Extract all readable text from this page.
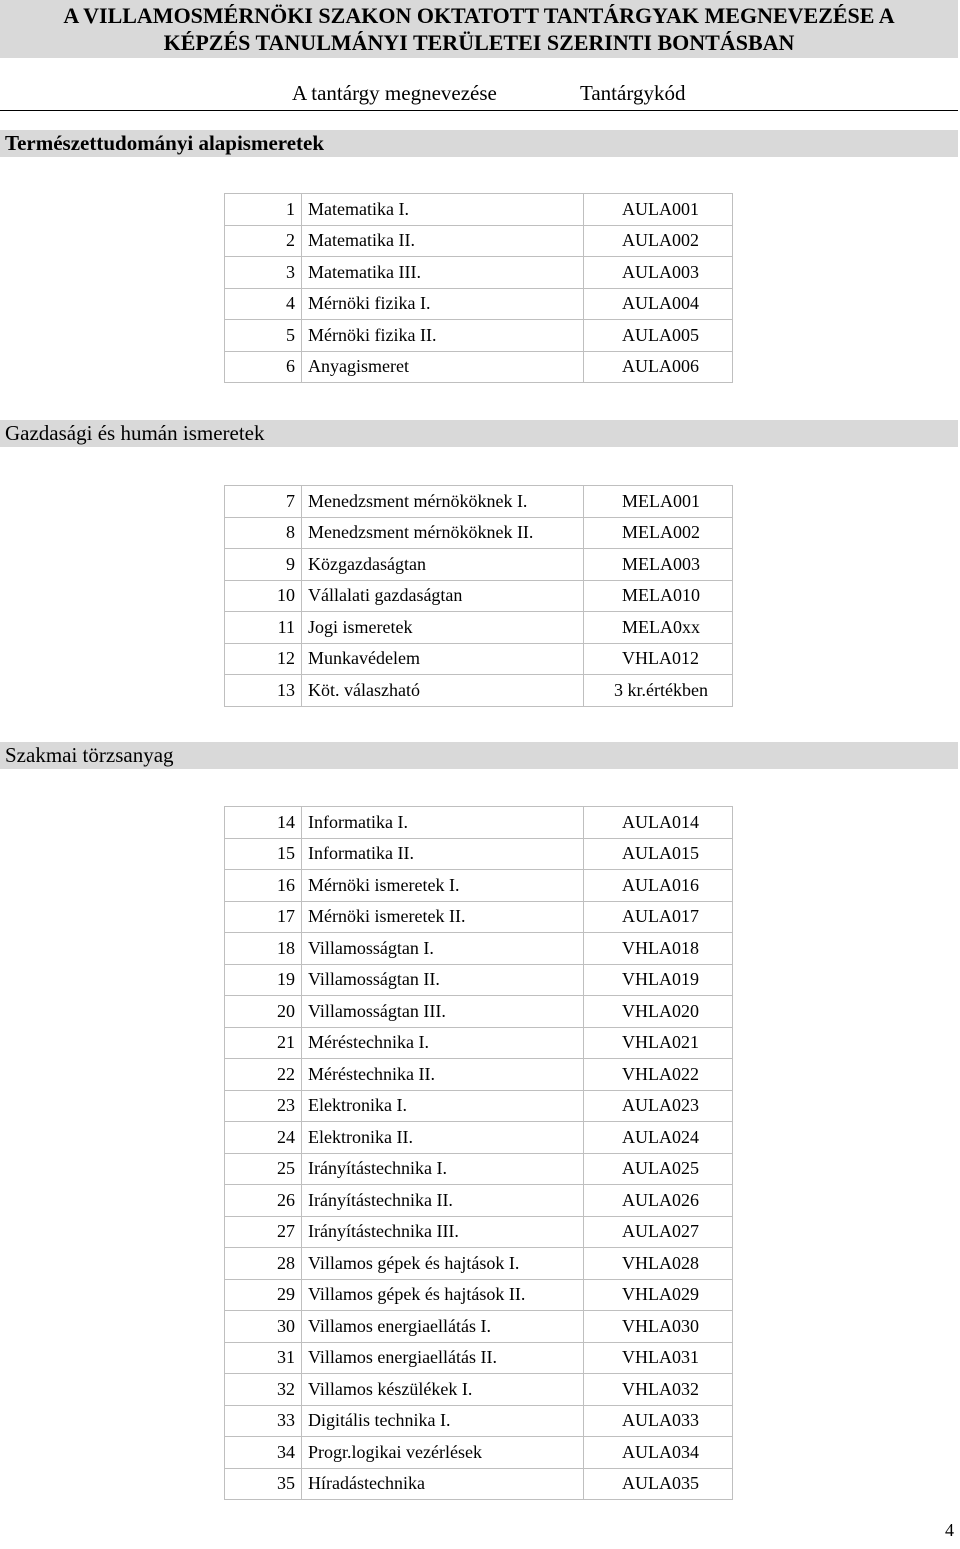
A VILLAMOSMÉRNÖKI SZAKON OKTATOTT TANTÁRGYAK MEGNEVEZÉSE A
KÉPZÉS TANULMÁNYI TERÜLETEI SZERINTI BONTÁSBAN
A tantárgy megnevezése	Tantárgykód
Természettudományi alapismeretek
1	Matematika I.	AULA001
2	Matematika II.	AULA002
3	Matematika III.	AULA003
4	Mérnöki fizika I.	AULA004
5	Mérnöki fizika II.	AULA005
6	Anyagismeret	AULA006
Gazdasági és humán ismeretek
7	Menedzsment mérnököknek I.	MELA001
8	Menedzsment mérnököknek II.	MELA002
9	Közgazdaságtan	MELA003
10	Vállalati gazdaságtan	MELA010
11	Jogi ismeretek	MELA0xx
12	Munkavédelem	VHLA012
13	Köt. válaszható	3 kr.értékben
Szakmai törzsanyag
14	Informatika I.	AULA014
15	Informatika II.	AULA015
16	Mérnöki ismeretek I.	AULA016
17	Mérnöki ismeretek II.	AULA017
18	Villamosságtan I.	VHLA018
19	Villamosságtan II.	VHLA019
20	Villamosságtan III.	VHLA020
21	Méréstechnika I.	VHLA021
22	Méréstechnika II.	VHLA022
23	Elektronika I.	AULA023
24	Elektronika II.	AULA024
25	Irányítástechnika I.	AULA025
26	Irányítástechnika II.	AULA026
27	Irányítástechnika III.	AULA027
28	Villamos gépek és hajtások I.	VHLA028
29	Villamos gépek és hajtások II.	VHLA029
30	Villamos energiaellátás I.	VHLA030
31	Villamos energiaellátás II.	VHLA031
32	Villamos készülékek I.	VHLA032
33	Digitális technika I.	AULA033
34	Progr.logikai vezérlések	AULA034
35	Híradástechnika	AULA035
4
